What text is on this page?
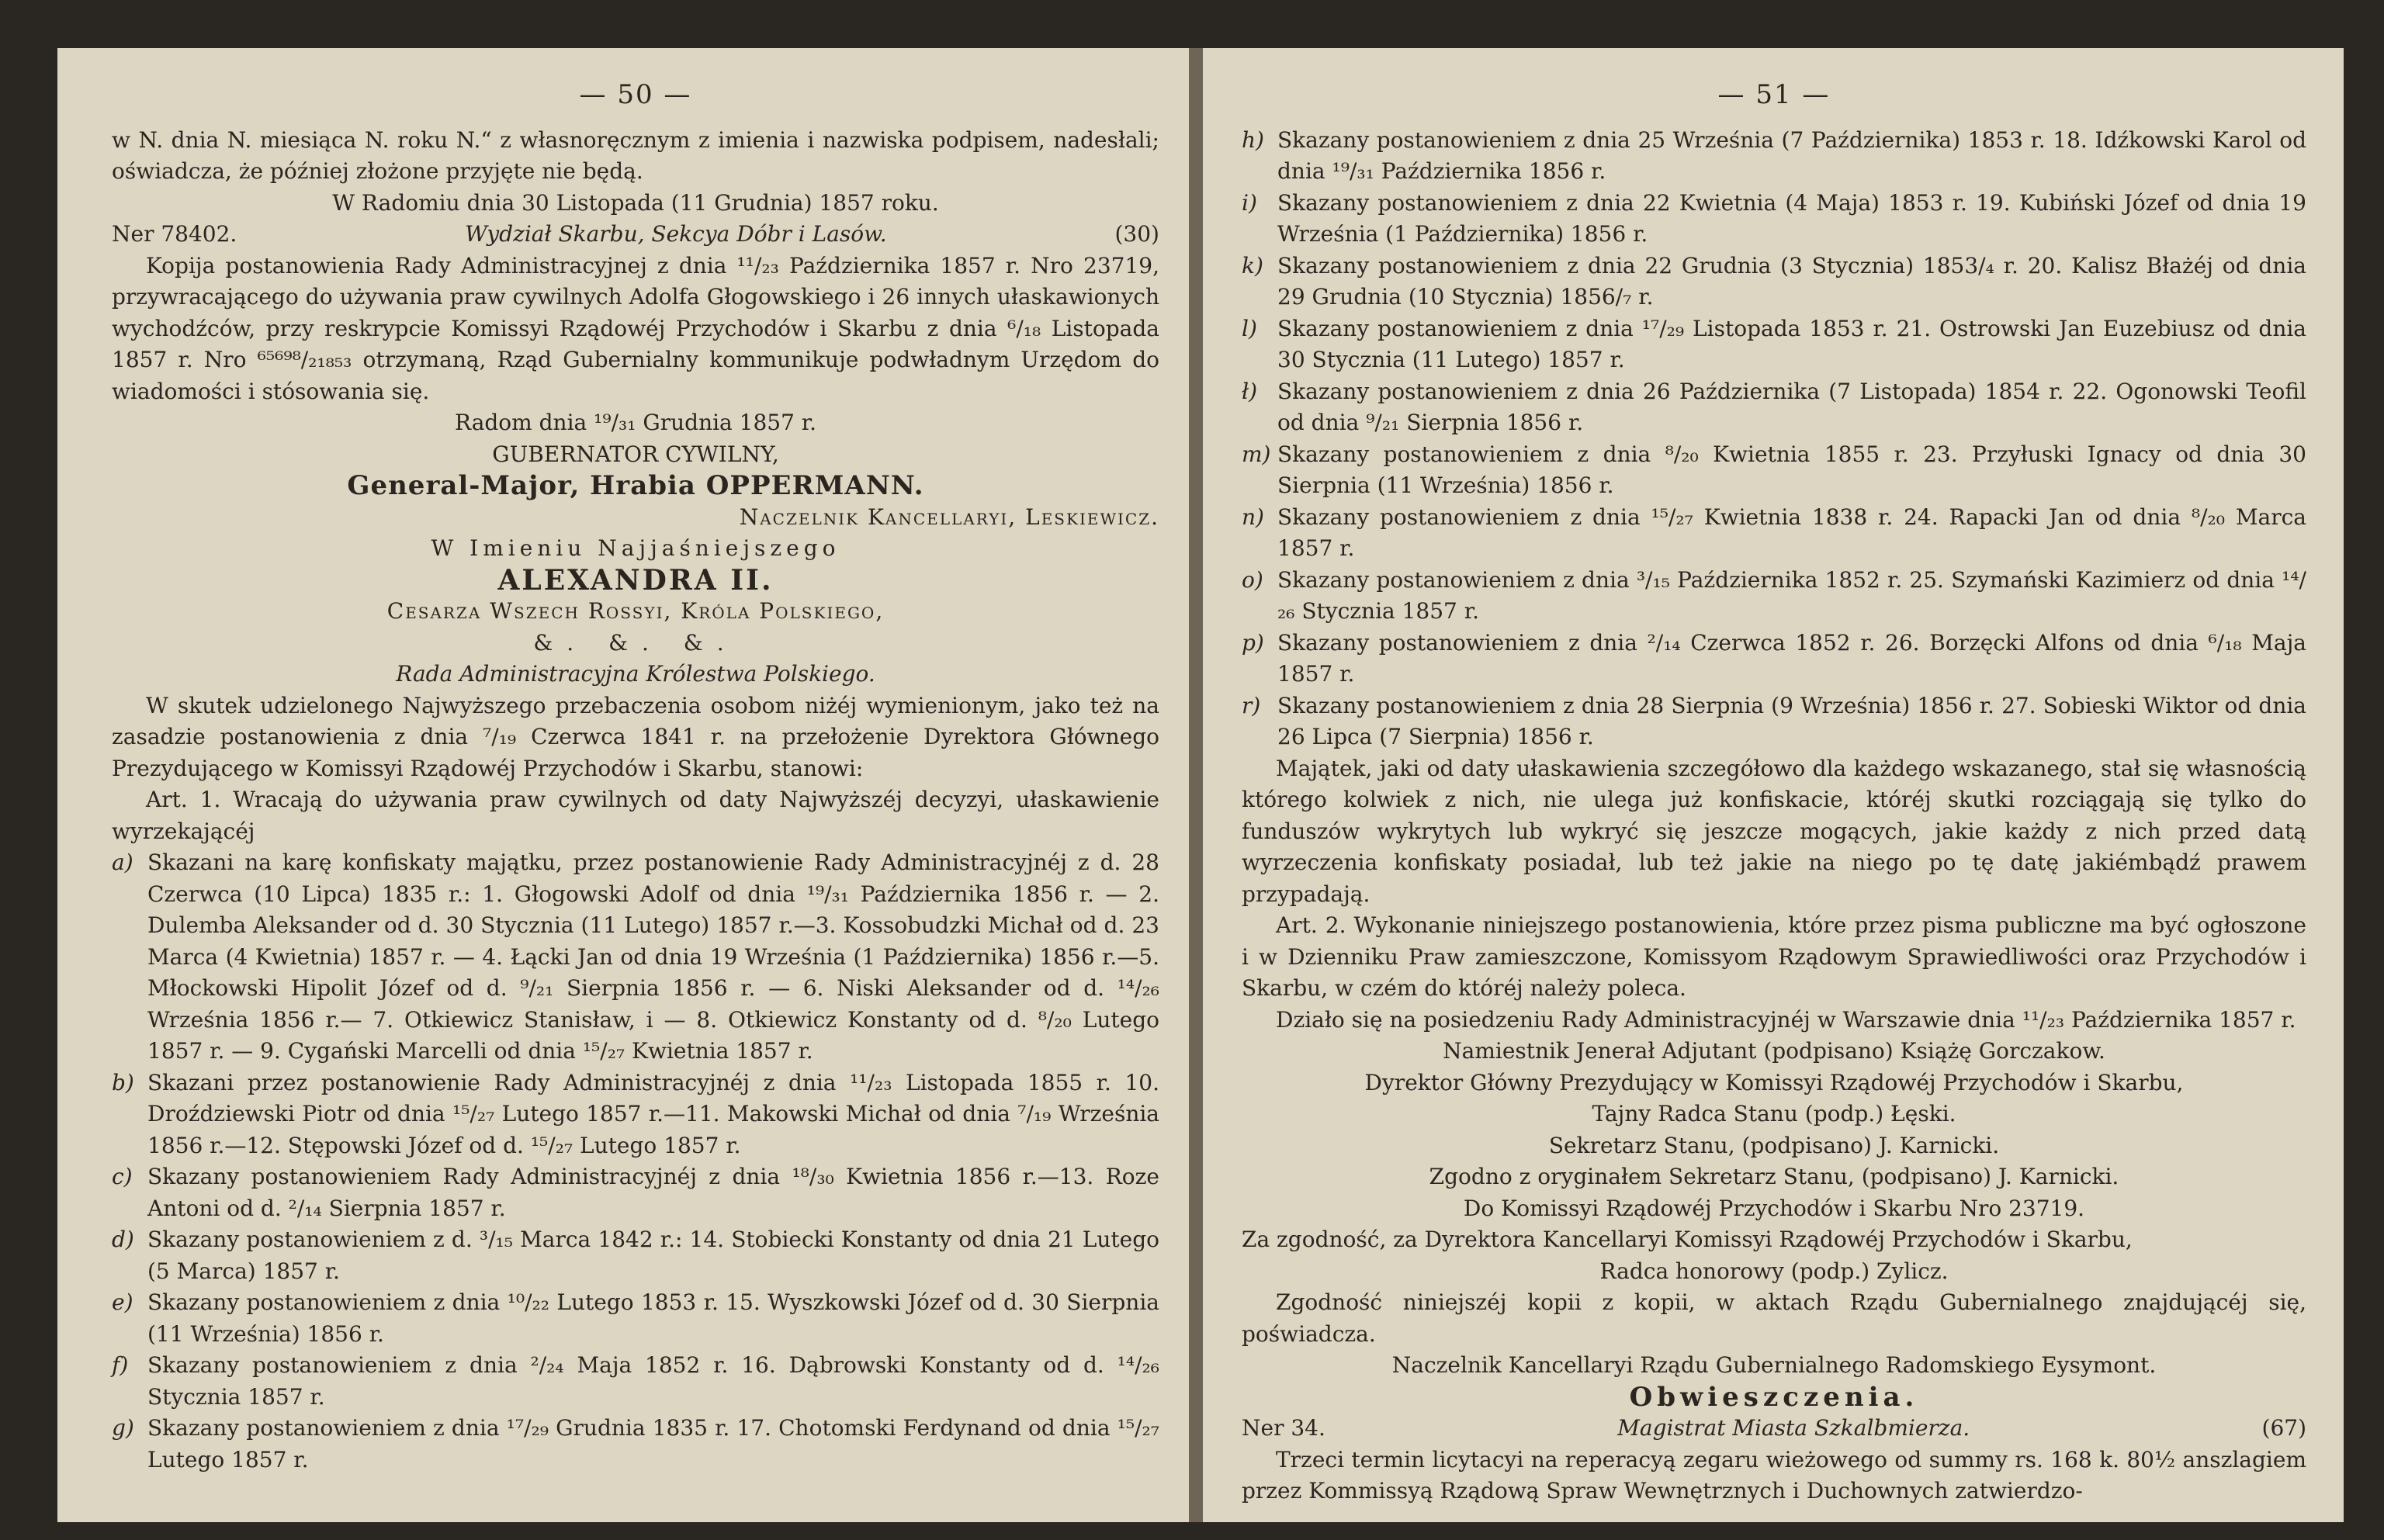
— 50 —

w N. dnia N. miesiąca N. roku N.“ z własnoręcznym z imienia i nazwiska podpisem, nadesłali; oświadcza, że później złożone przyjęte nie będą.

W Radomiu dnia 30 Listopada (11 Grudnia) 1857 roku.

Ner 78402.	Wydział Skarbu, Sekcya Dóbr i Lasów.	(30)

Kopija postanowienia Rady Administracyjnej z dnia ¹¹/₂₃ Października 1857 r. Nro 23719, przywracającego do używania praw cywilnych Adolfa Głogowskiego i 26 innych ułaskawionych wychodźców, przy reskrypcie Komissyi Rządowéj Przychodów i Skarbu z dnia ⁶/₁₈ Listopada 1857 r. Nro ⁶⁵⁶⁹⁸/₂₁₈₅₃ otrzymaną, Rząd Gubernialny kommunikuje podwładnym Urzędom do wiadomości i stósowania się.

Radom dnia ¹⁹/₃₁ Grudnia 1857 r.

GUBERNATOR CYWILNY,

General-Major, Hrabia OPPERMANN.

Naczelnik Kancellaryi, Leskiewicz.

W Imieniu Najjaśniejszego

ALEXANDRA II.

Cesarza Wszech Rossyi, Króla Polskiego,

&. &. &.

Rada Administracyjna Królestwa Polskiego.

W skutek udzielonego Najwyższego przebaczenia osobom niżéj wymienionym, jako też na zasadzie postanowienia z dnia ⁷/₁₉ Czerwca 1841 r. na przełożenie Dyrektora Głównego Prezydującego w Komissyi Rządowéj Przychodów i Skarbu, stanowi:

Art. 1. Wracają do używania praw cywilnych od daty Najwyższéj decyzyi, ułaskawienie wyrzekającéj

a) Skazani na karę konfiskaty majątku, przez postanowienie Rady Administracyjnéj z d. 28 Czerwca (10 Lipca) 1835 r.: 1. Głogowski Adolf od dnia ¹⁹/₃₁ Października 1856 r. — 2. Dulemba Aleksander od d. 30 Stycznia (11 Lutego) 1857 r.—3. Kossobudzki Michał od d. 23 Marca (4 Kwietnia) 1857 r. — 4. Łącki Jan od dnia 19 Września (1 Października) 1856 r.—5. Młockowski Hipolit Józef od d. ⁹/₂₁ Sierpnia 1856 r. — 6. Niski Aleksander od d. ¹⁴/₂₆ Września 1856 r.— 7. Otkiewicz Stanisław, i — 8. Otkiewicz Konstanty od d. ⁸/₂₀ Lutego 1857 r. — 9. Cygański Marcelli od dnia ¹⁵/₂₇ Kwietnia 1857 r.
b) Skazani przez postanowienie Rady Administracyjnéj z dnia ¹¹/₂₃ Listopada 1855 r. 10. Droździewski Piotr od dnia ¹⁵/₂₇ Lutego 1857 r.—11. Makowski Michał od dnia ⁷/₁₉ Września 1856 r.—12. Stępowski Józef od d. ¹⁵/₂₇ Lutego 1857 r.
c) Skazany postanowieniem Rady Administracyjnéj z dnia ¹⁸/₃₀ Kwietnia 1856 r.—13. Roze Antoni od d. ²/₁₄ Sierpnia 1857 r.
d) Skazany postanowieniem z d. ³/₁₅ Marca 1842 r.: 14. Stobiecki Konstanty od dnia 21 Lutego (5 Marca) 1857 r.
e) Skazany postanowieniem z dnia ¹⁰/₂₂ Lutego 1853 r. 15. Wyszkowski Józef od d. 30 Sierpnia (11 Września) 1856 r.
f) Skazany postanowieniem z dnia ²/₂₄ Maja 1852 r. 16. Dąbrowski Konstanty od d. ¹⁴/₂₆ Stycznia 1857 r.
g) Skazany postanowieniem z dnia ¹⁷/₂₉ Grudnia 1835 r. 17. Chotomski Ferdynand od dnia ¹⁵/₂₇ Lutego 1857 r.
— 51 —
h) Skazany postanowieniem z dnia 25 Września (7 Października) 1853 r. 18. Idźkowski Karol od dnia ¹⁹/₃₁ Października 1856 r.
i) Skazany postanowieniem z dnia 22 Kwietnia (4 Maja) 1853 r. 19. Kubiński Józef od dnia 19 Września (1 Października) 1856 r.
k) Skazany postanowieniem z dnia 22 Grudnia (3 Stycznia) 1853/₄ r. 20. Kalisz Błażéj od dnia 29 Grudnia (10 Stycznia) 1856/₇ r.
l) Skazany postanowieniem z dnia ¹⁷/₂₉ Listopada 1853 r. 21. Ostrowski Jan Euzebiusz od dnia 30 Stycznia (11 Lutego) 1857 r.
ł) Skazany postanowieniem z dnia 26 Października (7 Listopada) 1854 r. 22. Ogonowski Teofil od dnia ⁹/₂₁ Sierpnia 1856 r.
m) Skazany postanowieniem z dnia ⁸/₂₀ Kwietnia 1855 r. 23. Przyłuski Ignacy od dnia 30 Sierpnia (11 Września) 1856 r.
n) Skazany postanowieniem z dnia ¹⁵/₂₇ Kwietnia 1838 r. 24. Rapacki Jan od dnia ⁸/₂₀ Marca 1857 r.
o) Skazany postanowieniem z dnia ³/₁₅ Października 1852 r. 25. Szymański Kazimierz od dnia ¹⁴/₂₆ Stycznia 1857 r.
p) Skazany postanowieniem z dnia ²/₁₄ Czerwca 1852 r. 26. Borzęcki Alfons od dnia ⁶/₁₈ Maja 1857 r.
r) Skazany postanowieniem z dnia 28 Sierpnia (9 Września) 1856 r. 27. Sobieski Wiktor od dnia 26 Lipca (7 Sierpnia) 1856 r.

Majątek, jaki od daty ułaskawienia szczegółowo dla każdego wskazanego, stał się własnością którego kolwiek z nich, nie ulega już konfiskacie, któréj skutki rozciągają się tylko do funduszów wykrytych lub wykryć się jeszcze mogących, jakie każdy z nich przed datą wyrzeczenia konfiskaty posiadał, lub też jakie na niego po tę datę jakiémbądź prawem przypadają.

Art. 2. Wykonanie niniejszego postanowienia, które przez pisma publiczne ma być ogłoszone i w Dzienniku Praw zamieszczone, Komissyom Rządowym Sprawiedliwości oraz Przychodów i Skarbu, w czém do któréj należy poleca.

Działo się na posiedzeniu Rady Administracyjnéj w Warszawie dnia ¹¹/₂₃ Października 1857 r.

Namiestnik Jenerał Adjutant (podpisano) Książę Gorczakow.

Dyrektor Główny Prezydujący w Komissyi Rządowéj Przychodów i Skarbu,

Tajny Radca Stanu (podp.) Łęski.

Sekretarz Stanu, (podpisano) J. Karnicki.

Zgodno z oryginałem Sekretarz Stanu, (podpisano) J. Karnicki.

Do Komissyi Rządowéj Przychodów i Skarbu Nro 23719.

Za zgodność, za Dyrektora Kancellaryi Komissyi Rządowéj Przychodów i Skarbu,

Radca honorowy (podp.) Zylicz.

Zgodność niniejszéj kopii z kopii, w aktach Rządu Gubernialnego znajdującéj się, poświadcza.

Naczelnik Kancellaryi Rządu Gubernialnego Radomskiego Eysymont.

Obwieszczenia.

Ner 34.	Magistrat Miasta Szkalbmierza.	(67)

Trzeci termin licytacyi na reperacyą zegaru wieżowego od summy rs. 168 k. 80½ anszlagiem przez Kommissyą Rządową Spraw Wewnętrznych i Duchownych zatwierdzo-
